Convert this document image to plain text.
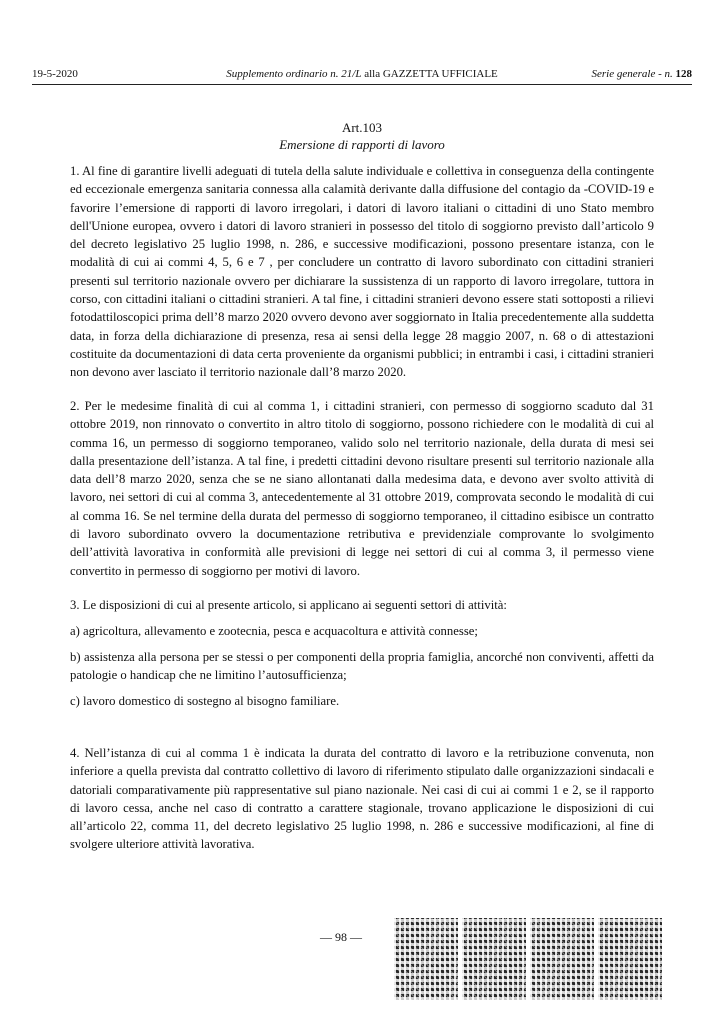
19-5-2020	Supplemento ordinario n. 21/L alla GAZZETTA UFFICIALE	Serie generale - n. 128
Art.103
Emersione di rapporti di lavoro

1. Al fine di garantire livelli adeguati di tutela della salute individuale e collettiva in conseguenza della contingente ed eccezionale emergenza sanitaria connessa alla calamità derivante dalla diffusione del contagio da -COVID-19 e favorire l’emersione di rapporti di lavoro irregolari, i datori di lavoro italiani o cittadini di uno Stato membro dell'Unione europea, ovvero i datori di lavoro stranieri in possesso del titolo di soggiorno previsto dall’articolo 9 del decreto legislativo 25 luglio 1998, n. 286, e successive modificazioni, possono presentare istanza, con le modalità di cui ai commi 4, 5, 6 e 7 , per concludere un contratto di lavoro subordinato con cittadini stranieri presenti sul territorio nazionale ovvero per dichiarare la sussistenza di un rapporto di lavoro irregolare, tuttora in corso, con cittadini italiani o cittadini stranieri. A tal fine, i cittadini stranieri devono essere stati sottoposti a rilievi fotodattiloscopici prima dell’8 marzo 2020 ovvero devono aver soggiornato in Italia precedentemente alla suddetta data, in forza della dichiarazione di presenza, resa ai sensi della legge 28 maggio 2007, n. 68 o di attestazioni costituite da documentazioni di data certa proveniente da organismi pubblici; in entrambi i casi, i cittadini stranieri non devono aver lasciato il territorio nazionale dall’8 marzo 2020.

2. Per le medesime finalità di cui al comma 1, i cittadini stranieri, con permesso di soggiorno scaduto dal 31 ottobre 2019, non rinnovato o convertito in altro titolo di soggiorno, possono richiedere con le modalità di cui al comma 16, un permesso di soggiorno temporaneo, valido solo nel territorio nazionale, della durata di mesi sei dalla presentazione dell’istanza. A tal fine, i predetti cittadini devono risultare presenti sul territorio nazionale alla data dell’8 marzo 2020, senza che se ne siano allontanati dalla medesima data, e devono aver svolto attività di lavoro, nei settori di cui al comma 3, antecedentemente al 31 ottobre 2019, comprovata secondo le modalità di cui al comma 16. Se nel termine della durata del permesso di soggiorno temporaneo, il cittadino esibisce un contratto di lavoro subordinato ovvero la documentazione retributiva e previdenziale comprovante lo svolgimento dell’attività lavorativa in conformità alle previsioni di legge nei settori di cui al comma 3, il permesso viene convertito in permesso di soggiorno per motivi di lavoro.

3. Le disposizioni di cui al presente articolo, si applicano ai seguenti settori di attività:

a) agricoltura, allevamento e zootecnia, pesca e acquacoltura e attività connesse;

b) assistenza alla persona per se stessi o per componenti della propria famiglia, ancorché non conviventi, affetti da patologie o handicap che ne limitino l’autosufficienza;

c) lavoro domestico di sostegno al bisogno familiare.

4. Nell’istanza di cui al comma 1 è indicata la durata del contratto di lavoro e la retribuzione convenuta, non inferiore a quella prevista dal contratto collettivo di lavoro di riferimento stipulato dalle organizzazioni sindacali e datoriali comparativamente più rappresentative sul piano nazionale. Nei casi di cui ai commi 1 e 2, se il rapporto di lavoro cessa, anche nel caso di contratto a carattere stagionale, trovano applicazione le disposizioni di cui all’articolo 22, comma 11, del decreto legislativo 25 luglio 1998, n. 286 e successive modificazioni, al fine di svolgere ulteriore attività lavorativa.

— 98 —
